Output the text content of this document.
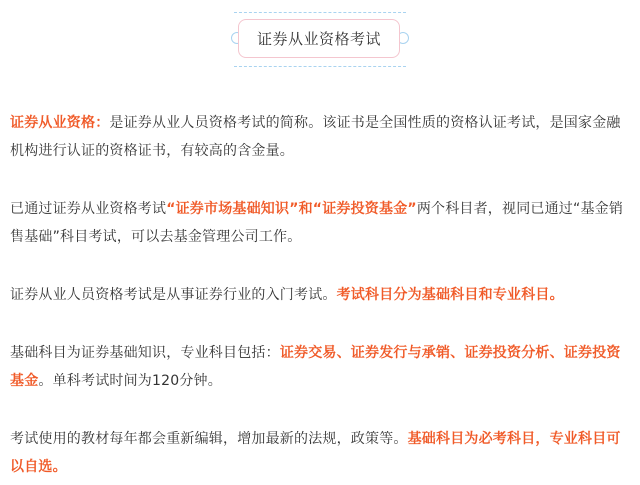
证券从业资格考试

证券从业资格：是证券从业人员资格考试的简称。该证书是全国性质的资格认证考试，是国家金融机构进行认证的资格证书，有较高的含金量。

已通过证券从业资格考试“证券市场基础知识”和“证券投资基金”两个科目者，视同已通过“基金销售基础”科目考试，可以去基金管理公司工作。

证券从业人员资格考试是从事证券行业的入门考试。考试科目分为基础科目和专业科目。

基础科目为证券基础知识，专业科目包括：证券交易、证券发行与承销、证券投资分析、证券投资基金。单科考试时间为120分钟。

考试使用的教材每年都会重新编辑，增加最新的法规，政策等。基础科目为必考科目，专业科目可以自选。
